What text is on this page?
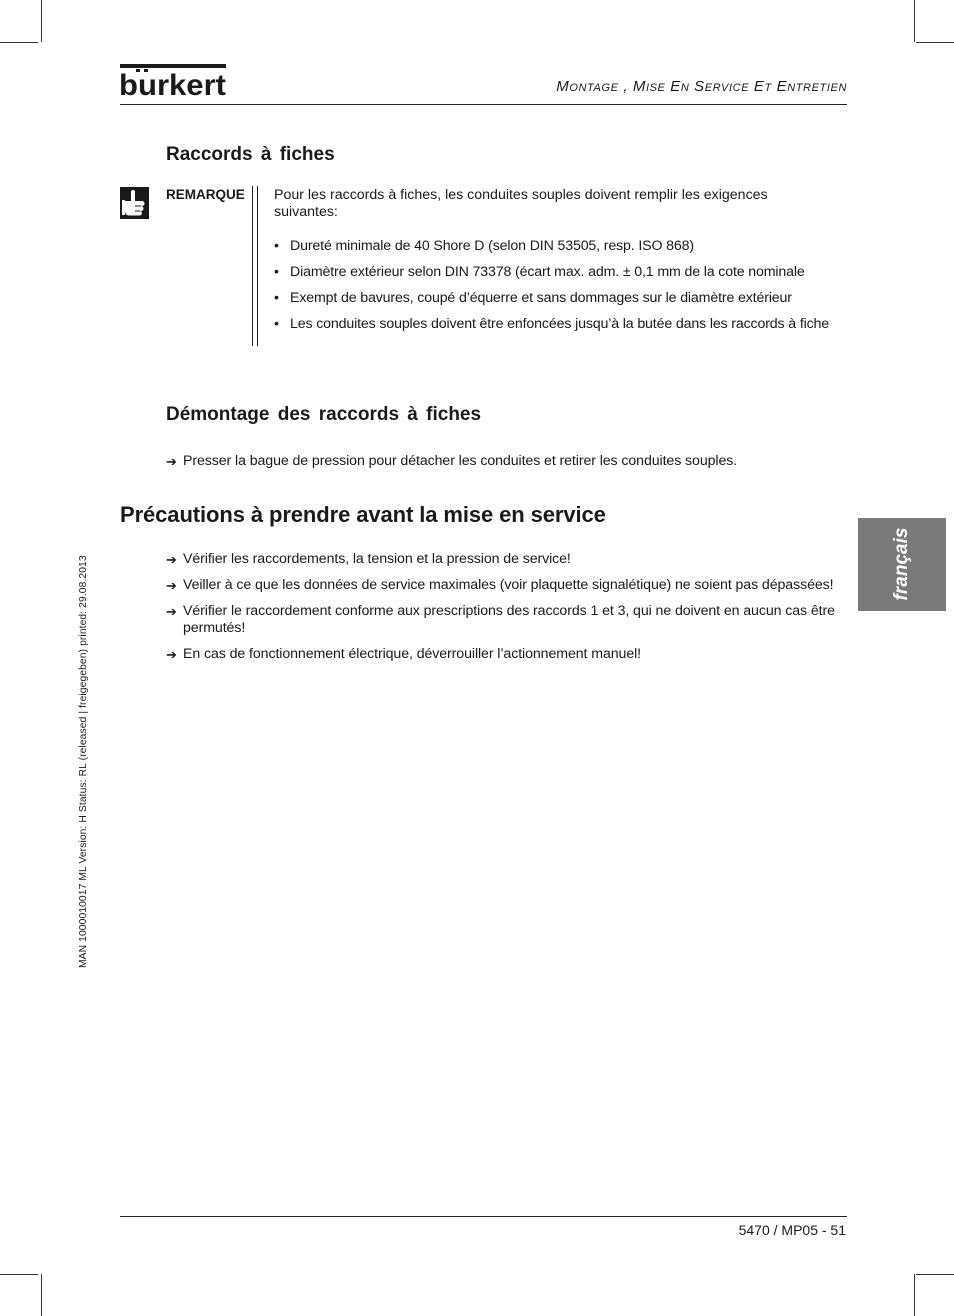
burkert	Montage , Mise En Service Et Entretien
Raccords à fiches
REMARQUE Pour les raccords à fiches, les conduites souples doivent remplir les exigences suivantes:
• Dureté minimale de 40 Shore D (selon DIN 53505, resp. ISO 868)
• Diamètre extérieur selon DIN 73378 (écart max. adm. ± 0,1 mm de la cote nominale
• Exempt de bavures, coupé d’équerre et sans dommages sur le diamètre extérieur
• Les conduites souples doivent être enfoncées jusqu’à la butée dans les raccords à fiche
Démontage des raccords à fiches
➔ Presser la bague de pression pour détacher les conduites et retirer les conduites souples.
Précautions à prendre avant la mise en service
➔ Vérifier les raccordements, la tension et la pression de service!
➔ Veiller à ce que les données de service maximales (voir plaquette signalétique) ne soient pas dépassées!
➔ Vérifier le raccordement conforme aux prescriptions des raccords 1 et 3, qui ne doivent en aucun cas être permutés!
➔ En cas de fonctionnement électrique, déverrouiller l’actionnement manuel!
MAN 1000010017 ML Version: H Status: RL (released | freigegeben) printed: 29.08.2013	français
5470 / MP05 - 51
